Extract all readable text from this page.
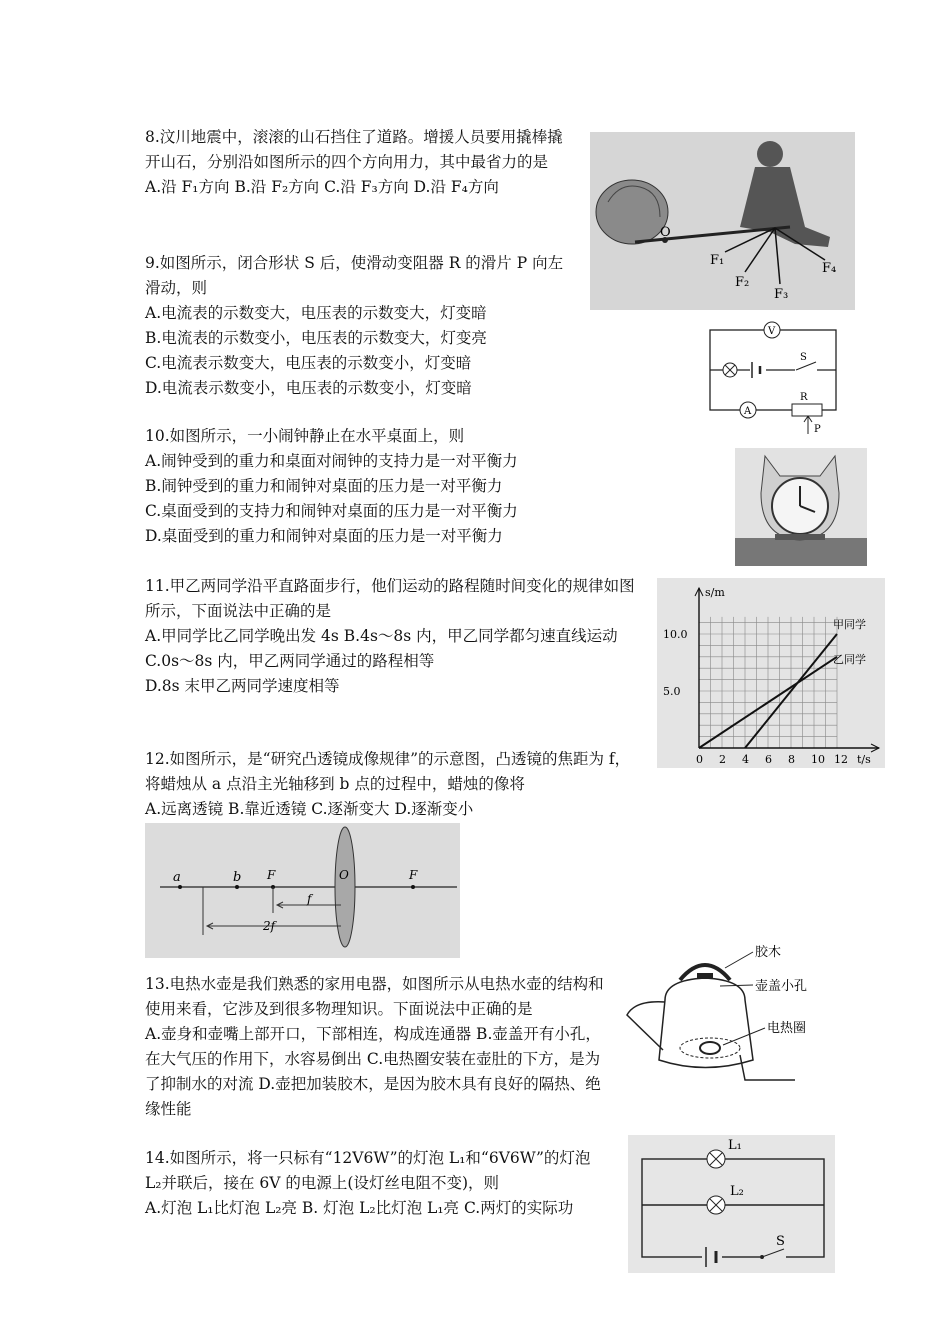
8.汶川地震中，滚滚的山石挡住了道路。增援人员要用撬棒撬开山石，分别沿如图所示的四个方向用力，其中最省力的是

A.沿 F₁方向 B.沿 F₂方向 C.沿 F₃方向 D.沿 F₄方向

O
F₁
F₂
F₃
F₄

9.如图所示，闭合形状 S 后，使滑动变阻器 R 的滑片 P 向左滑动，则

A.电流表的示数变大，电压表的示数变大，灯变暗

B.电流表的示数变小，电压表的示数变大，灯变亮

C.电流表示数变大，电压表的示数变小，灯变暗

D.电流表示数变小，电压表的示数变小，灯变暗

V
S
A
R
P

10.如图所示，一小闹钟静止在水平桌面上，则

A.闹钟受到的重力和桌面对闹钟的支持力是一对平衡力

B.闹钟受到的重力和闹钟对桌面的压力是一对平衡力

C.桌面受到的支持力和闹钟对桌面的压力是一对平衡力

D.桌面受到的重力和闹钟对桌面的压力是一对平衡力

11.甲乙两同学沿平直路面步行，他们运动的路程随时间变化的规律如图所示，下面说法中正确的是

A.甲同学比乙同学晚出发 4s B.4s～8s 内，甲乙同学都匀速直线运动

C.0s～8s 内，甲乙两同学通过的路程相等

D.8s 末甲乙两同学速度相等

0 2 4 6 8 10 12
5.0
10.0
s/m
t/s
甲同学
乙同学

12.如图所示，是“研究凸透镜成像规律”的示意图，凸透镜的焦距为 f，将蜡烛从 a 点沿主光轴移到 b 点的过程中，蜡烛的像将

A.远离透镜 B.靠近透镜 C.逐渐变大 D.逐渐变小

a	b F	O	F
f
2f

13.电热水壶是我们熟悉的家用电器，如图所示从电热水壶的结构和使用来看，它涉及到很多物理知识。下面说法中正确的是

A.壶身和壶嘴上部开口，下部相连，构成连通器 B.壶盖开有小孔，在大气压的作用下，水容易倒出 C.电热圈安装在壶肚的下方，是为了抑制水的对流 D.壶把加装胶木，是因为胶木具有良好的隔热、绝缘性能

胶木
壶盖小孔
电热圈

14.如图所示，将一只标有“12V6W”的灯泡 L₁和“6V6W”的灯泡 L₂并联后，接在 6V 的电源上(设灯丝电阻不变)，则

A.灯泡 L₁比灯泡 L₂亮 B. 灯泡 L₂比灯泡 L₁亮 C.两灯的实际功

L₁
L₂
S
